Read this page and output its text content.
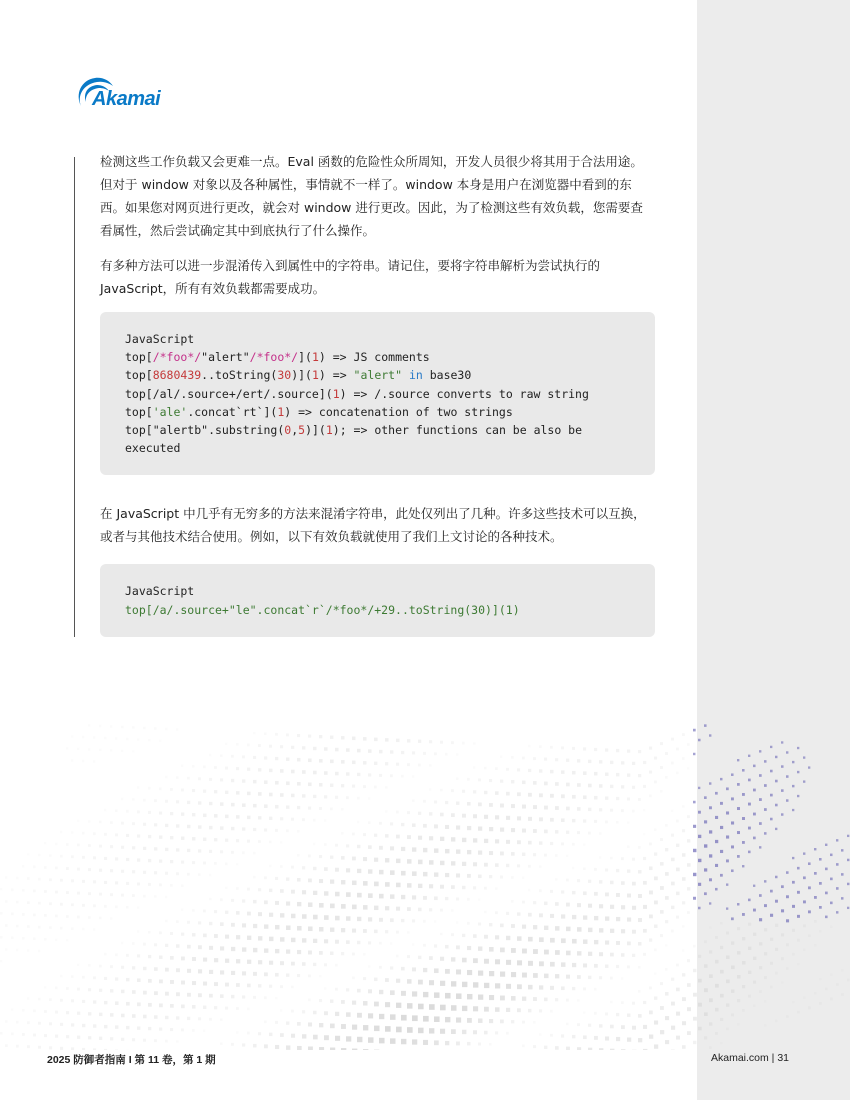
Akamai

检测这些工作负载又会更难一点。Eval 函数的危险性众所周知，开发人员很少将其用于合法用途。但对于 window 对象以及各种属性，事情就不一样了。window 本身是用户在浏览器中看到的东西。如果您对网页进行更改，就会对 window 进行更改。因此，为了检测这些有效负载，您需要查看属性，然后尝试确定其中到底执行了什么操作。

有多种方法可以进一步混淆传入到属性中的字符串。请记住，要将字符串解析为尝试执行的 JavaScript，所有有效负载都需要成功。

JavaScript
top[/*foo*/"alert"/*foo*/](1) => JS comments
top[8680439..toString(30)](1) => "alert" in base30
top[/al/.source+/ert/.source](1) => /.source converts to raw string
top['ale'.concat`rt`](1) => concatenation of two strings
top["alertb".substring(0,5)](1); => other functions can be also be executed

在 JavaScript 中几乎有无穷多的方法来混淆字符串，此处仅列出了几种。许多这些技术可以互换，或者与其他技术结合使用。例如，以下有效负载就使用了我们上文讨论的各种技术。

JavaScript
top[/a/.source+"le".concat`r`/*foo*/+29..toString(30)](1)
2025 防御者指南 I 第 11 卷，第 1 期	Akamai.com | 31
